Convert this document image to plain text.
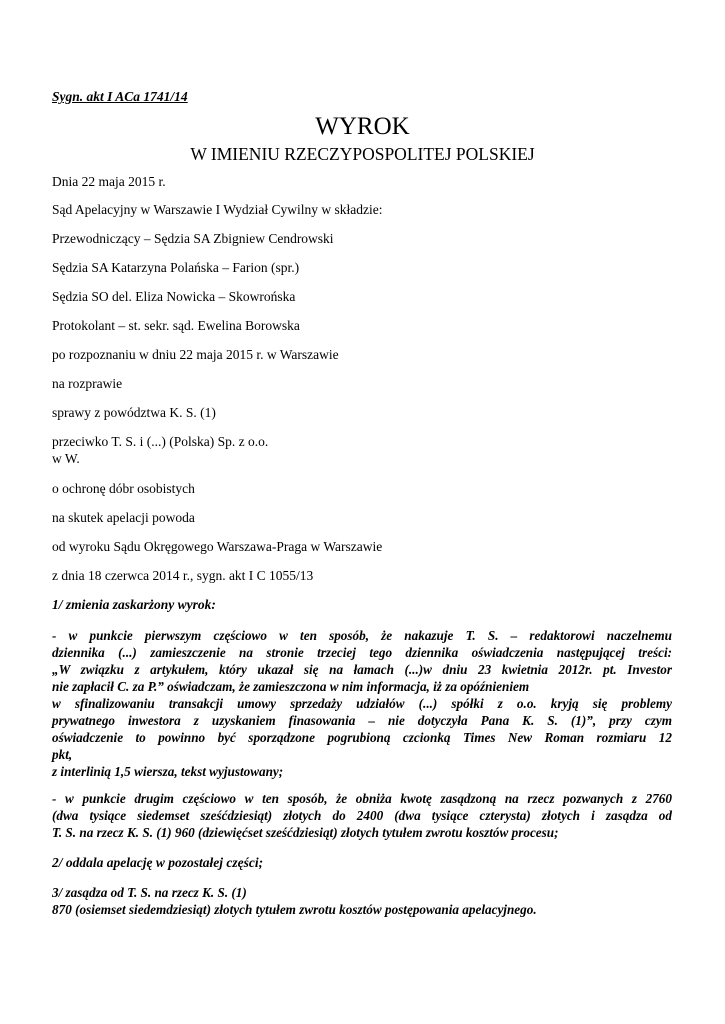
Sygn. akt I ACa 1741/14
WYROK
W IMIENIU RZECZYPOSPOLITEJ POLSKIEJ
Dnia 22 maja 2015 r.
Sąd Apelacyjny w Warszawie I Wydział Cywilny w składzie:
Przewodniczący – Sędzia SA Zbigniew Cendrowski
Sędzia SA Katarzyna Polańska – Farion (spr.)
Sędzia SO del. Eliza Nowicka – Skowrońska
Protokolant – st. sekr. sąd. Ewelina Borowska
po rozpoznaniu w dniu 22 maja 2015 r. w Warszawie
na rozprawie
sprawy z powództwa K. S. (1)
przeciwko T. S. i (...) (Polska) Sp. z o.o.
w W.
o ochronę dóbr osobistych
na skutek apelacji powoda
od wyroku Sądu Okręgowego Warszawa-Praga w Warszawie
z dnia 18 czerwca 2014 r., sygn. akt I C 1055/13
1/ zmienia zaskarżony wyrok:
- w punkcie pierwszym częściowo w ten sposób, że nakazuje T. S. – redaktorowi naczelnemu
dziennika (...) zamieszczenie na stronie trzeciej tego dziennika oświadczenia następującej treści:
„W związku z artykułem, który ukazał się na łamach (...)w dniu 23 kwietnia 2012r. pt. Investor
nie zapłacił C. za P.” oświadczam, że zamieszczona w nim informacja, iż za opóźnieniem
w sfinalizowaniu transakcji umowy sprzedaży udziałów (...) spółki z o.o. kryją się problemy
prywatnego inwestora z uzyskaniem finasowania – nie dotyczyła Pana K. S. (1)”, przy czym
oświadczenie to powinno być sporządzone pogrubioną czcionką Times New Roman rozmiaru 12
pkt,
z interlinią 1,5 wiersza, tekst wyjustowany;
- w punkcie drugim częściowo w ten sposób, że obniża kwotę zasądzoną na rzecz pozwanych z 2760
(dwa tysiące siedemset sześćdziesiąt) złotych do 2400 (dwa tysiące czterysta) złotych i zasądza od
T. S. na rzecz K. S. (1) 960 (dziewięćset sześćdziesiąt) złotych tytułem zwrotu kosztów procesu;
2/ oddala apelację w pozostałej części;
3/ zasądza od T. S. na rzecz K. S. (1)
870 (osiemset siedemdziesiąt) złotych tytułem zwrotu kosztów postępowania apelacyjnego.
